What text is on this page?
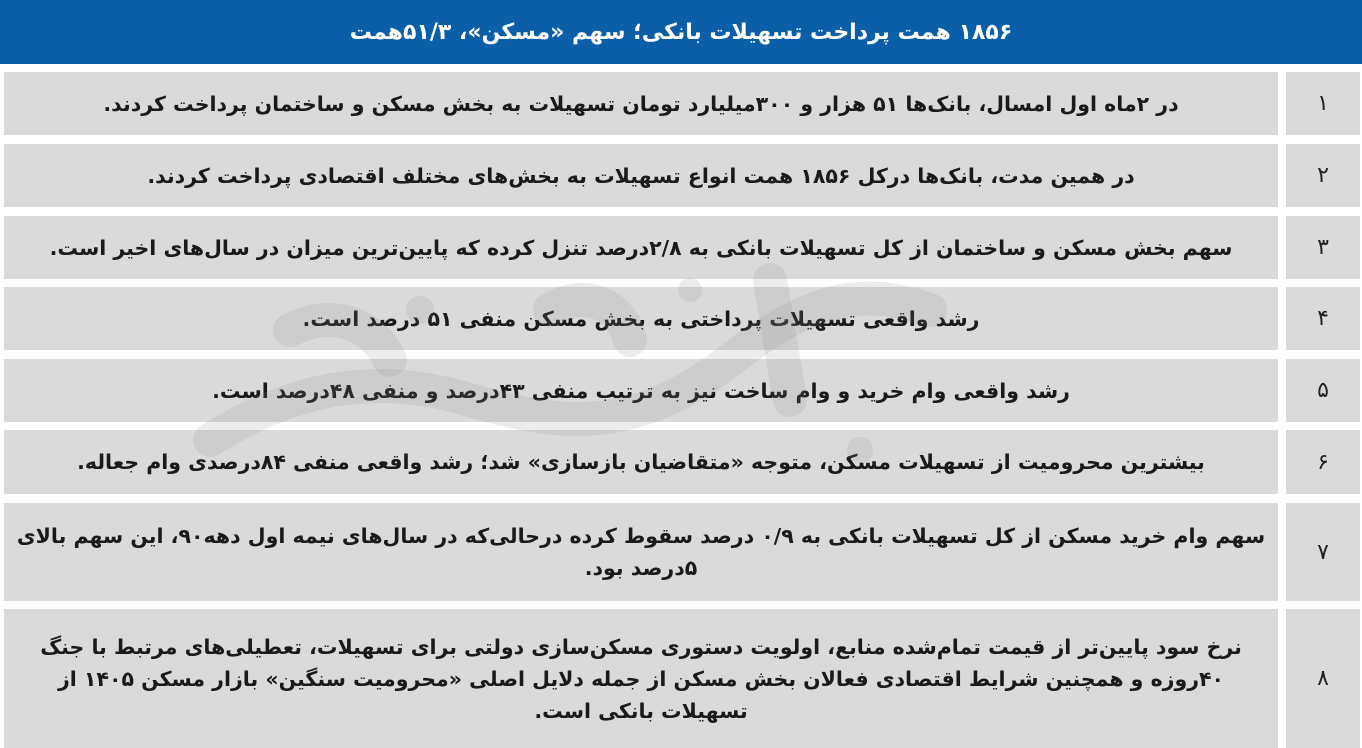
۱۸۵۶ همت پرداخت تسهیلات بانکی؛ سهم «مسکن»، ۵۱/۳همت
۱
در ۲ماه اول امسال، بانک‌ها ۵۱ هزار و ۳۰۰میلیارد تومان تسهیلات به بخش مسکن و ساختمان پرداخت کردند.
۲
در همین مدت، بانک‌ها درکل ۱۸۵۶ همت انواع تسهیلات به بخش‌های مختلف اقتصادی پرداخت کردند.
۳
سهم بخش مسکن و ساختمان از کل تسهیلات بانکی به ۲/۸درصد تنزل کرده که پایین‌ترین میزان در سال‌های اخیر است.
۴
رشد واقعی تسهیلات پرداختی به بخش مسکن منفی ۵۱ درصد است.
۵
رشد واقعی وام خرید و وام ساخت نیز به ترتیب منفی ۴۳درصد و منفی ۴۸درصد است.
۶
بیشترین محرومیت از تسهیلات مسکن، متوجه «متقاضیان بازسازی» شد؛ رشد واقعی منفی ۸۴درصدی وام جعاله.
۷
سهم وام خرید مسکن از کل تسهیلات بانکی به ۰/۹ درصد سقوط کرده درحالی‌که در سال‌های نیمه اول دهه۹۰، این سهم بالای ۵درصد بود.
۸
نرخ سود پایین‌تر از قیمت تمام‌شده منابع، اولویت دستوری مسکن‌سازی دولتی برای تسهیلات، تعطیلی‌های مرتبط با جنگ ۴۰روزه و همچنین شرایط اقتصادی فعالان بخش مسکن از جمله دلایل اصلی «محرومیت سنگین» بازار مسکن ۱۴۰۵ از تسهیلات بانکی است.
